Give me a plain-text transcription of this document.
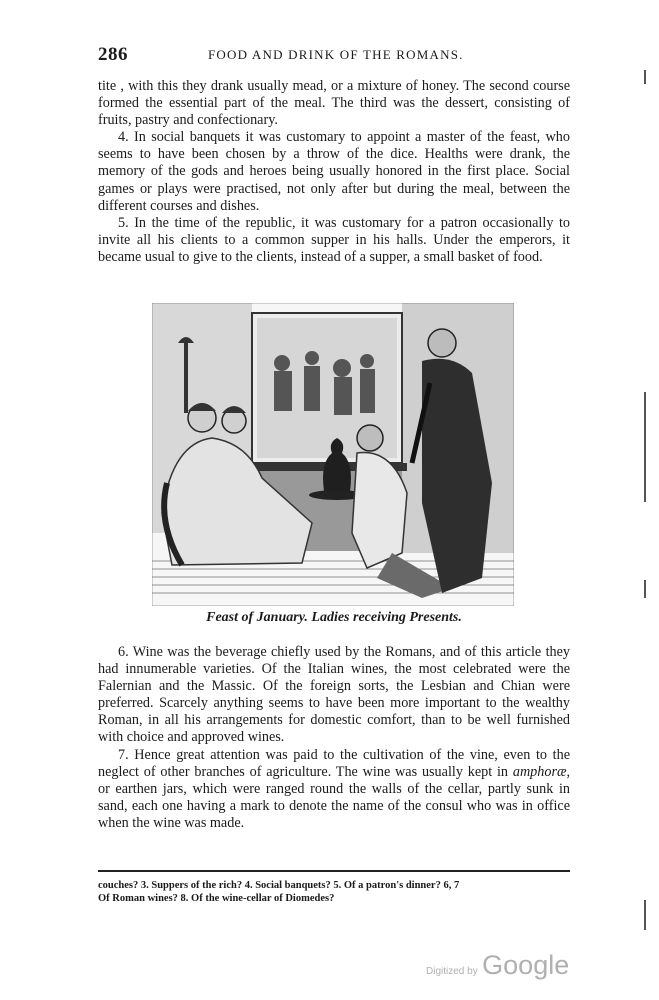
286	FOOD AND DRINK OF THE ROMANS.

tite , with this they drank usually mead, or a mixture of honey. The second course formed the essential part of the meal. The third was the dessert, consisting of fruits, pastry and confectionary.

4. In social banquets it was customary to appoint a master of the feast, who seems to have been chosen by a throw of the dice. Healths were drank, the memory of the gods and heroes being usually honored in the first place. Social games or plays were practised, not only after but during the meal, between the different courses and dishes.

5. In the time of the republic, it was customary for a patron occasionally to invite all his clients to a common supper in his halls. Under the emperors, it became usual to give to the clients, instead of a supper, a small basket of food.

Feast of January. Ladies receiving Presents.

6. Wine was the beverage chiefly used by the Romans, and of this article they had innumerable varieties. Of the Italian wines, the most celebrated were the Falernian and the Massic. Of the foreign sorts, the Lesbian and Chian were preferred. Scarcely anything seems to have been more important to the wealthy Roman, in all his arrangements for domestic comfort, than to be well furnished with choice and approved wines.

7. Hence great attention was paid to the cultivation of the vine, even to the neglect of other branches of agriculture. The wine was usually kept in amphoræ, or earthen jars, which were ranged round the walls of the cellar, partly sunk in sand, each one having a mark to denote the name of the consul who was in office when the wine was made.

couches? 3. Suppers of the rich? 4. Social banquets? 5. Of a patron's dinner? 6, 7
Of Roman wines? 8. Of the wine-cellar of Diomedes?
Digitized by Google
